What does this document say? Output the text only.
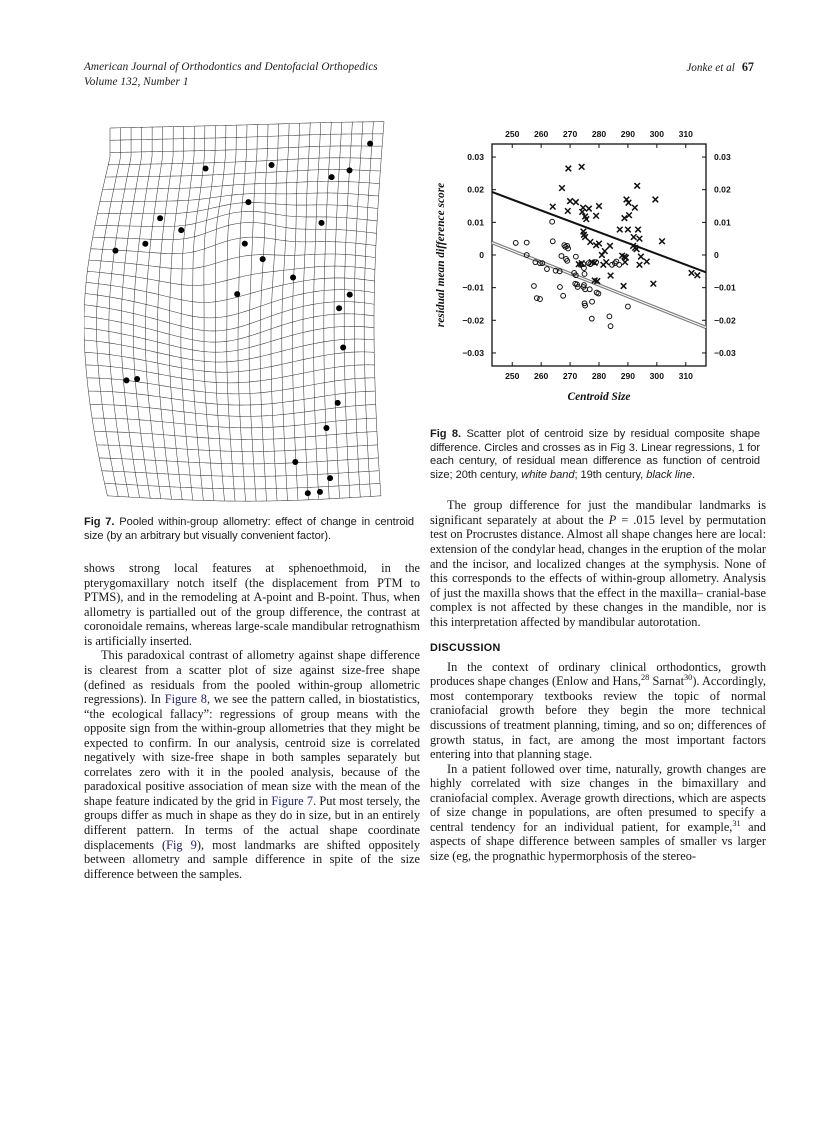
American Journal of Orthodontics and Dentofacial Orthopedics
Volume 132, Number 1
Jonke et al 67
Fig 7. Pooled within-group allometry: effect of change in centroid size (by an arbitrary but visually convenient factor).

shows strong local features at sphenoethmoid, in the pterygomaxillary notch itself (the displacement from PTM to PTMS), and in the remodeling at A-point and B-point. Thus, when allometry is partialled out of the group difference, the contrast at coronoidale remains, whereas large-scale mandibular retrognathism is artificially inserted.

This paradoxical contrast of allometry against shape difference is clearest from a scatter plot of size against size-free shape (defined as residuals from the pooled within-group allometric regressions). In Figure 8, we see the pattern called, in biostatistics, “the ecological fallacy”: regressions of group means with the opposite sign from the within-group allometries that they might be expected to confirm. In our analysis, centroid size is correlated negatively with size-free shape in both samples separately but correlates zero with it in the pooled analysis, because of the paradoxical positive association of mean size with the mean of the shape feature indicated by the grid in Figure 7. Put most tersely, the groups differ as much in shape as they do in size, but in an entirely different pattern. In terms of the actual shape coordinate displacements (Fig 9), most landmarks are shifted oppositely between allometry and sample difference in spite of the size difference between the samples.

250
250
260
260
270
270
280
280
290
290
300
300
310
310
−0.03	−0.03
−0.02	−0.02
−0.01	−0.01
0	0
0.01	0.01
0.02	0.02
0.03	0.03
Centroid Size
residual mean difference score
Fig 8. Scatter plot of centroid size by residual composite shape difference. Circles and crosses as in Fig 3. Linear regressions, 1 for each century, of residual mean difference as function of centroid size; 20th century, white band; 19th century, black line.

The group difference for just the mandibular landmarks is significant separately at about the P = .015 level by permutation test on Procrustes distance. Almost all shape changes here are local: extension of the condylar head, changes in the eruption of the molar and the incisor, and localized changes at the symphysis. None of this corresponds to the effects of within-group allometry. Analysis of just the maxilla shows that the effect in the maxilla– cranial-base complex is not affected by these changes in the mandible, nor is this interpretation affected by mandibular autorotation.

DISCUSSION

In the context of ordinary clinical orthodontics, growth produces shape changes (Enlow and Hans,$^{28}$ Sarnat$^{30}$). Accordingly, most contemporary textbooks review the topic of normal craniofacial growth before they begin the more technical discussions of treatment planning, timing, and so on; differences of growth status, in fact, are among the most important factors entering into that planning stage.

In a patient followed over time, naturally, growth changes are highly correlated with size changes in the bimaxillary and craniofacial complex. Average growth directions, which are aspects of size change in populations, are often presumed to specify a central tendency for an individual patient, for example,$^{31}$ and aspects of shape difference between samples of smaller vs larger size (eg, the prognathic hypermorphosis of the stereo-
